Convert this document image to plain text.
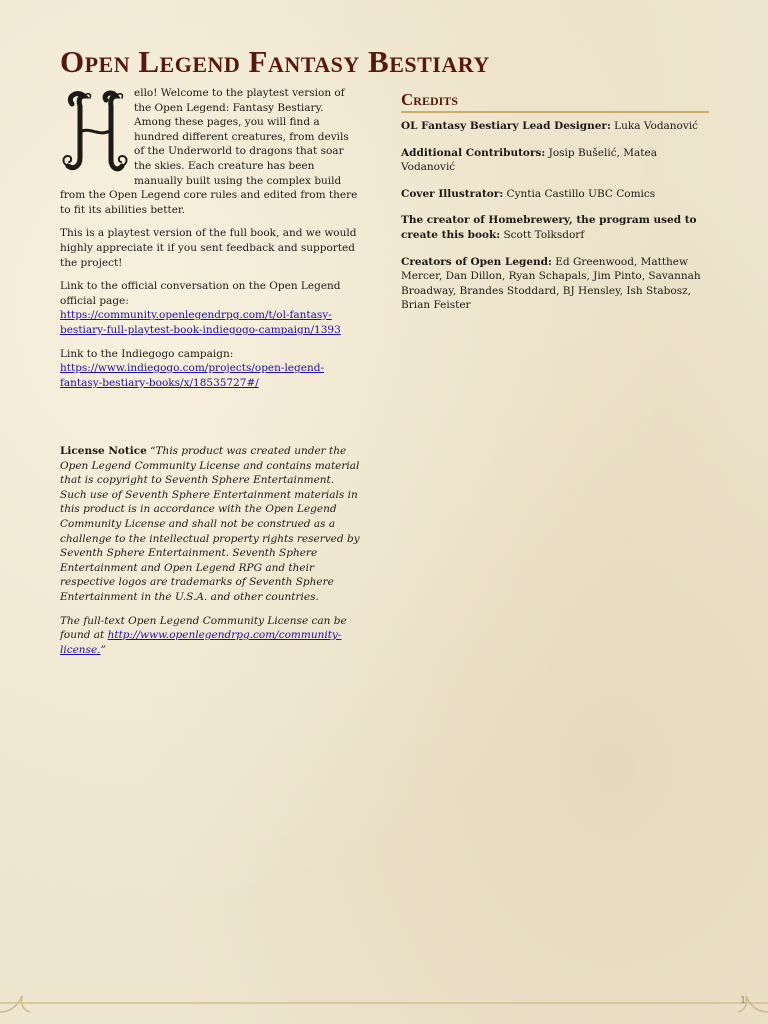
Open Legend Fantasy Bestiary

ello! Welcome to the playtest version of the Open Legend: Fantasy Bestiary. Among these pages, you will find a hundred different creatures, from devils of the Underworld to dragons that soar the skies. Each creature has been manually built using the complex build from the Open Legend core rules and edited from there to fit its abilities better.

This is a playtest version of the full book, and we would highly appreciate it if you sent feedback and supported the project!

Link to the official conversation on the Open Legend official page: https://community.openlegendrpg.com/t/ol-fantasy-bestiary-full-playtest-book-indiegogo-campaign/1393

Link to the Indiegogo campaign: https://www.indiegogo.com/projects/open-legend-fantasy-bestiary-books/x/18535727#/

License Notice “This product was created under the Open Legend Community License and contains material that is copyright to Seventh Sphere Entertainment. Such use of Seventh Sphere Entertainment materials in this product is in accordance with the Open Legend Community License and shall not be construed as a challenge to the intellectual property rights reserved by Seventh Sphere Entertainment. Seventh Sphere Entertainment and Open Legend RPG and their respective logos are trademarks of Seventh Sphere Entertainment in the U.S.A. and other countries.

The full-text Open Legend Community License can be found at http://www.openlegendrpg.com/community-license.”

Credits
OL Fantasy Bestiary Lead Designer: Luka Vodanović
Additional Contributors: Josip Bušelić, Matea Vodanović
Cover Illustrator: Cyntia Castillo UBC Comics
The creator of Homebrewery, the program used to create this book: Scott Tolksdorf
Creators of Open Legend: Ed Greenwood, Matthew Mercer, Dan Dillon, Ryan Schapals, Jim Pinto, Savannah Broadway, Brandes Stoddard, BJ Hensley, Ish Stabosz, Brian Feister
1
